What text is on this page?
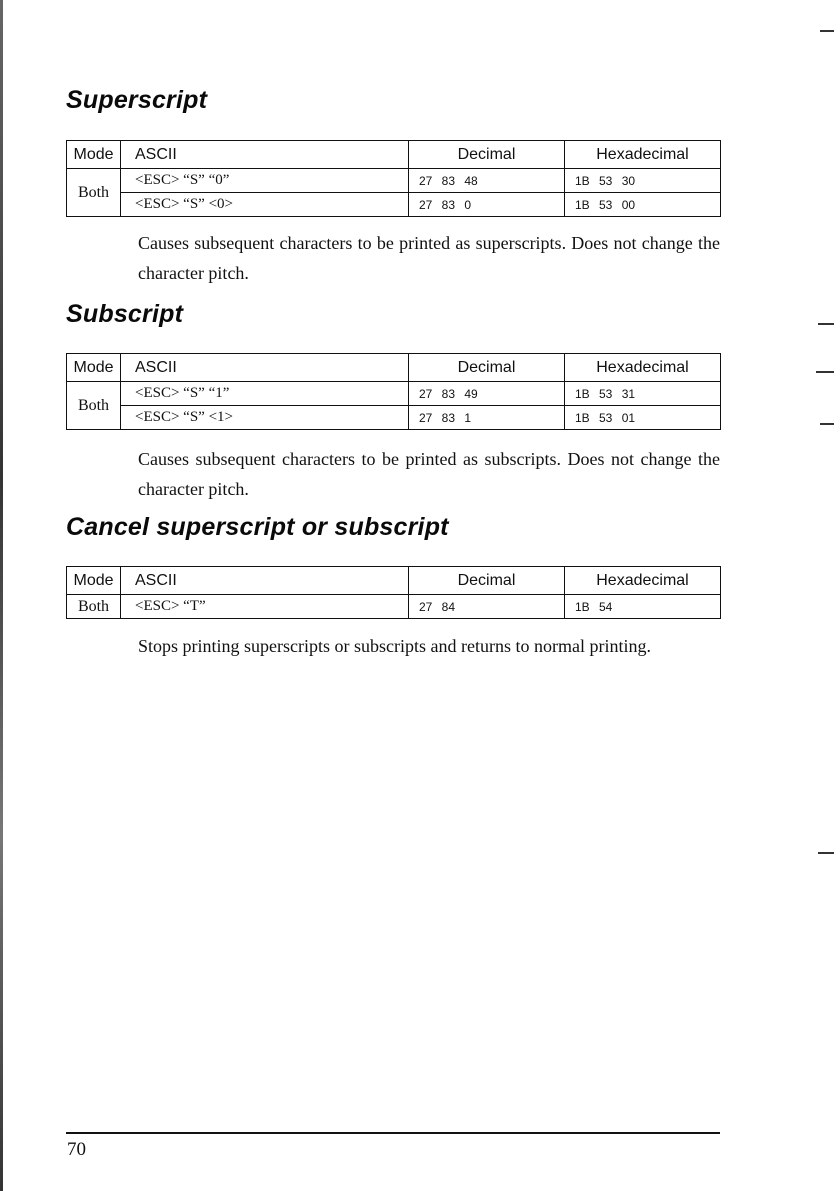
Superscript
Mode	ASCII	Decimal	Hexadecimal
Both	<ESC> “S” “0”	27 83 48	1B 53 30
	<ESC> “S” <0>	27 83 0	1B 53 00

Causes subsequent characters to be printed as superscripts. Does not change the character pitch.

Subscript
Mode	ASCII	Decimal	Hexadecimal
Both	<ESC> “S” “1”	27 83 49	1B 53 31
	<ESC> “S” <1>	27 83 1	1B 53 01

Causes subsequent characters to be printed as subscripts. Does not change the character pitch.

Cancel superscript or subscript
Mode	ASCII	Decimal	Hexadecimal
Both	<ESC> “T”	27 84	1B 54

Stops printing superscripts or subscripts and returns to normal printing.

70
